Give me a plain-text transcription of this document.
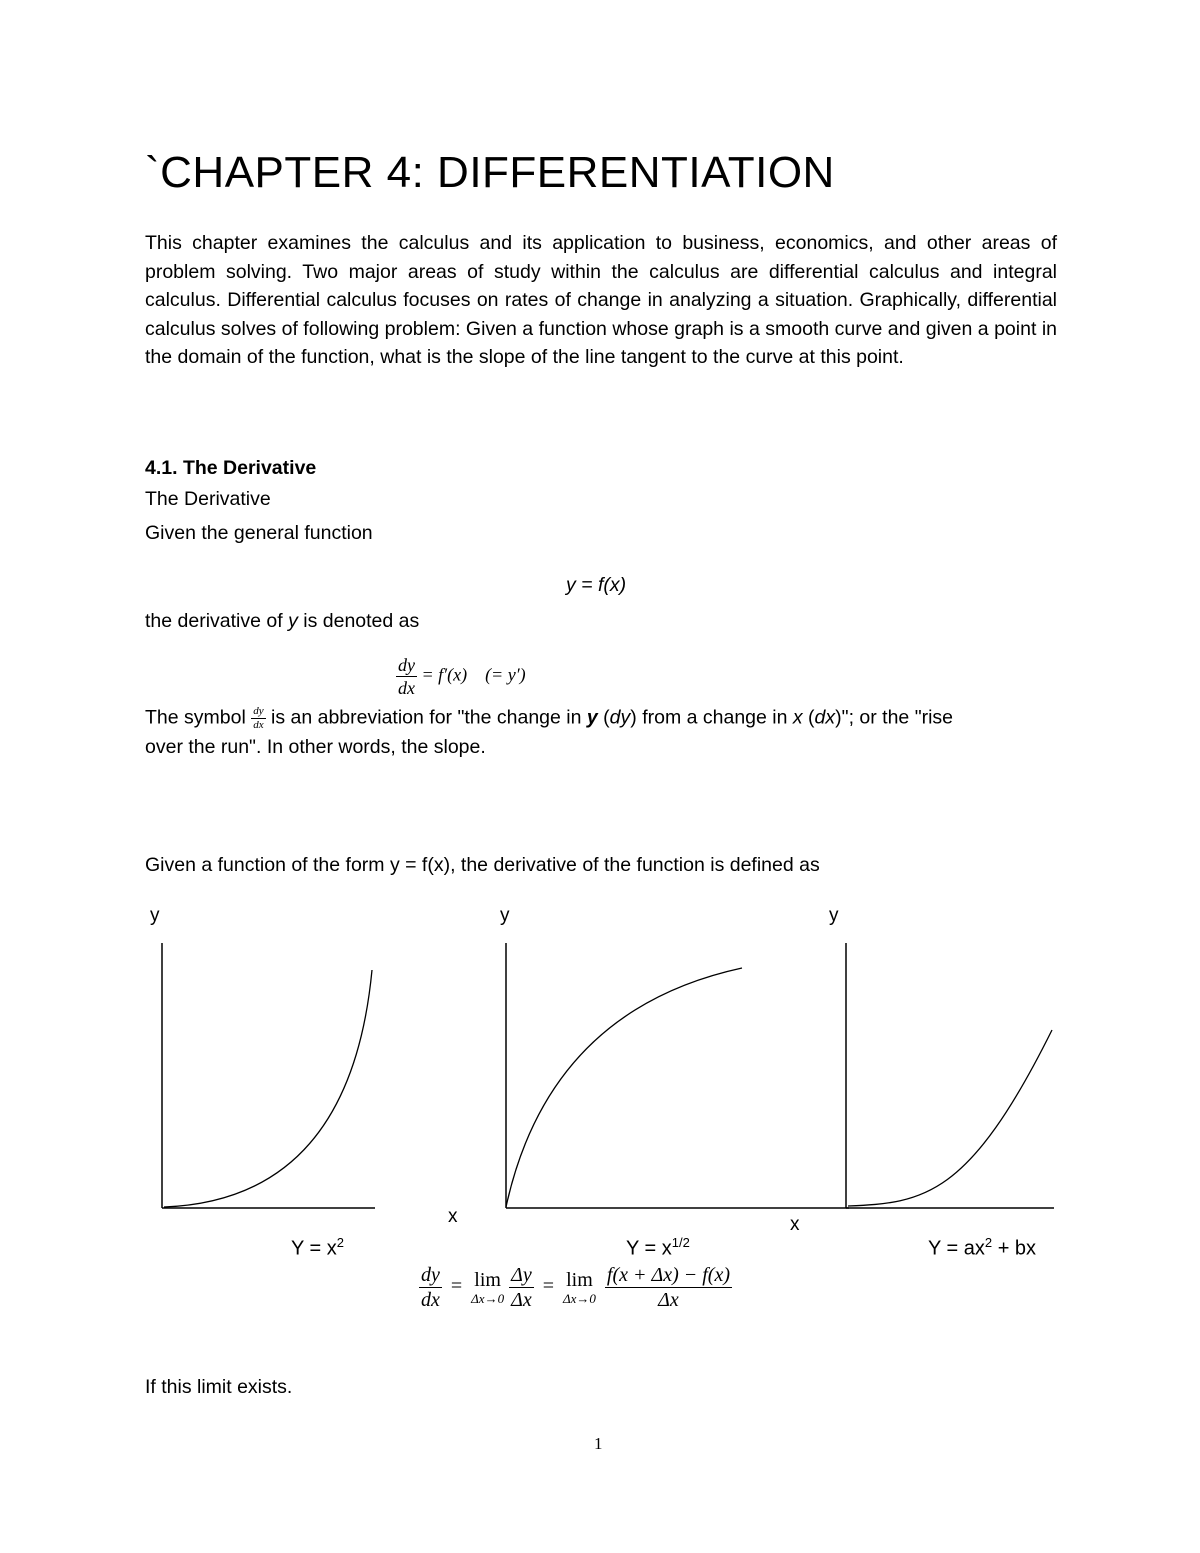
`CHAPTER 4: DIFFERENTIATION
This chapter examines the calculus and its application to business, economics, and other areas of problem solving. Two major areas of study within the calculus are differential calculus and integral calculus. Differential calculus focuses on rates of change in analyzing a situation. Graphically, differential calculus solves of following problem: Given a function whose graph is a smooth curve and given a point in the domain of the function, what is the slope of the line tangent to the curve at this point.
4.1. The Derivative
The Derivative
Given the general function
y = f(x)
the derivative of y is denoted as
$\frac{dy}{dx} = f'(x)$    (= y′)
The symbol $\frac{dy}{dx}$ is an abbreviation for "the change in y (dy) from a change in x (dx)"; or the "rise
over the run". In other words, the slope.
Given a function of the form y = f(x), the derivative of the function is defined as
y
x
$Y = x^2$
y
x
$Y = x^{1/2}$
y
$Y = ax^2$ + bx
$\frac{dy}{dx} = \lim$
Δx→0
$\frac{\Delta y}{\Delta x} = \lim$
Δx→0
$\frac{f(x + \Delta x) - f(x)}{\Delta x}$
If this limit exists.
1
